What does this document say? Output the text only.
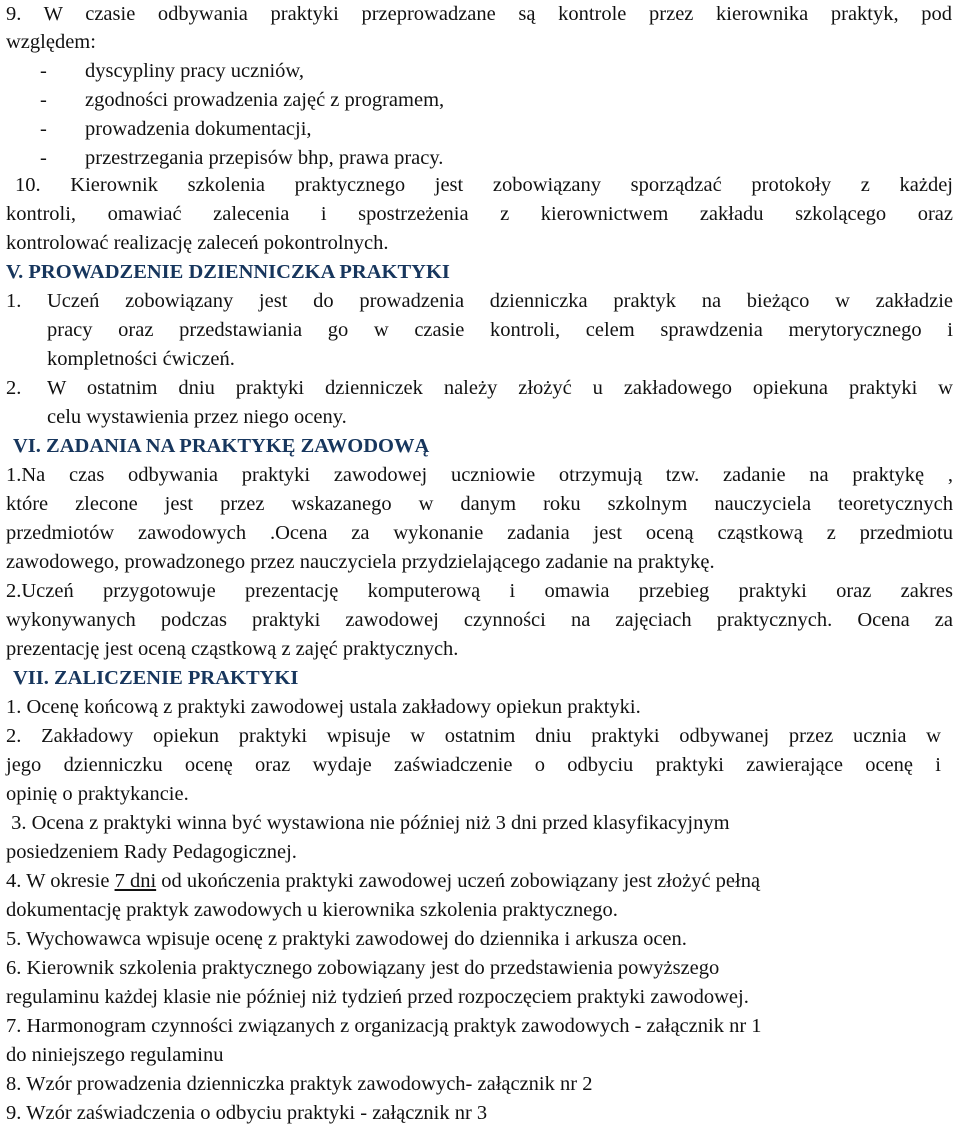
9. W czasie odbywania praktyki przeprowadzane są kontrole przez kierownika praktyk, pod
względem:
- dyscypliny pracy uczniów,
- zgodności prowadzenia zajęć z programem,
- prowadzenia dokumentacji,
- przestrzegania przepisów bhp, prawa pracy.
10. Kierownik szkolenia praktycznego jest zobowiązany sporządzać protokoły z każdej
kontroli, omawiać zalecenia i spostrzeżenia z kierownictwem zakładu szkolącego oraz
kontrolować realizację zaleceń pokontrolnych.
V. PROWADZENIE DZIENNICZKA PRAKTYKI
1. Uczeń zobowiązany jest do prowadzenia dzienniczka praktyk na bieżąco w zakładzie
pracy oraz przedstawiania go w czasie kontroli, celem sprawdzenia merytorycznego i
kompletności ćwiczeń.
2. W ostatnim dniu praktyki dzienniczek należy złożyć u zakładowego opiekuna praktyki w
celu wystawienia przez niego oceny.
VI. ZADANIA NA PRAKTYKĘ ZAWODOWĄ
1.Na czas odbywania praktyki zawodowej uczniowie otrzymują tzw. zadanie na praktykę ,
które zlecone jest przez wskazanego w danym roku szkolnym nauczyciela teoretycznych
przedmiotów zawodowych .Ocena za wykonanie zadania jest oceną cząstkową z przedmiotu
zawodowego, prowadzonego przez nauczyciela przydzielającego zadanie na praktykę.
2.Uczeń przygotowuje prezentację komputerową i omawia przebieg praktyki oraz zakres
wykonywanych podczas praktyki zawodowej czynności na zajęciach praktycznych. Ocena za
prezentację jest oceną cząstkową z zajęć praktycznych.
VII. ZALICZENIE PRAKTYKI
1. Ocenę końcową z praktyki zawodowej ustala zakładowy opiekun praktyki.
2. Zakładowy opiekun praktyki wpisuje w ostatnim dniu praktyki odbywanej przez ucznia w
jego dzienniczku ocenę oraz wydaje zaświadczenie o odbyciu praktyki zawierające ocenę i
opinię o praktykancie.
3. Ocena z praktyki winna być wystawiona nie później niż 3 dni przed klasyfikacyjnym
posiedzeniem Rady Pedagogicznej.
4. W okresie 7 dni od ukończenia praktyki zawodowej uczeń zobowiązany jest złożyć pełną
dokumentację praktyk zawodowych u kierownika szkolenia praktycznego.
5. Wychowawca wpisuje ocenę z praktyki zawodowej do dziennika i arkusza ocen.
6. Kierownik szkolenia praktycznego zobowiązany jest do przedstawienia powyższego
regulaminu każdej klasie nie później niż tydzień przed rozpoczęciem praktyki zawodowej.
7. Harmonogram czynności związanych z organizacją praktyk zawodowych - załącznik nr 1
do niniejszego regulaminu
8. Wzór prowadzenia dzienniczka praktyk zawodowych- załącznik nr 2
9. Wzór zaświadczenia o odbyciu praktyki - załącznik nr 3
